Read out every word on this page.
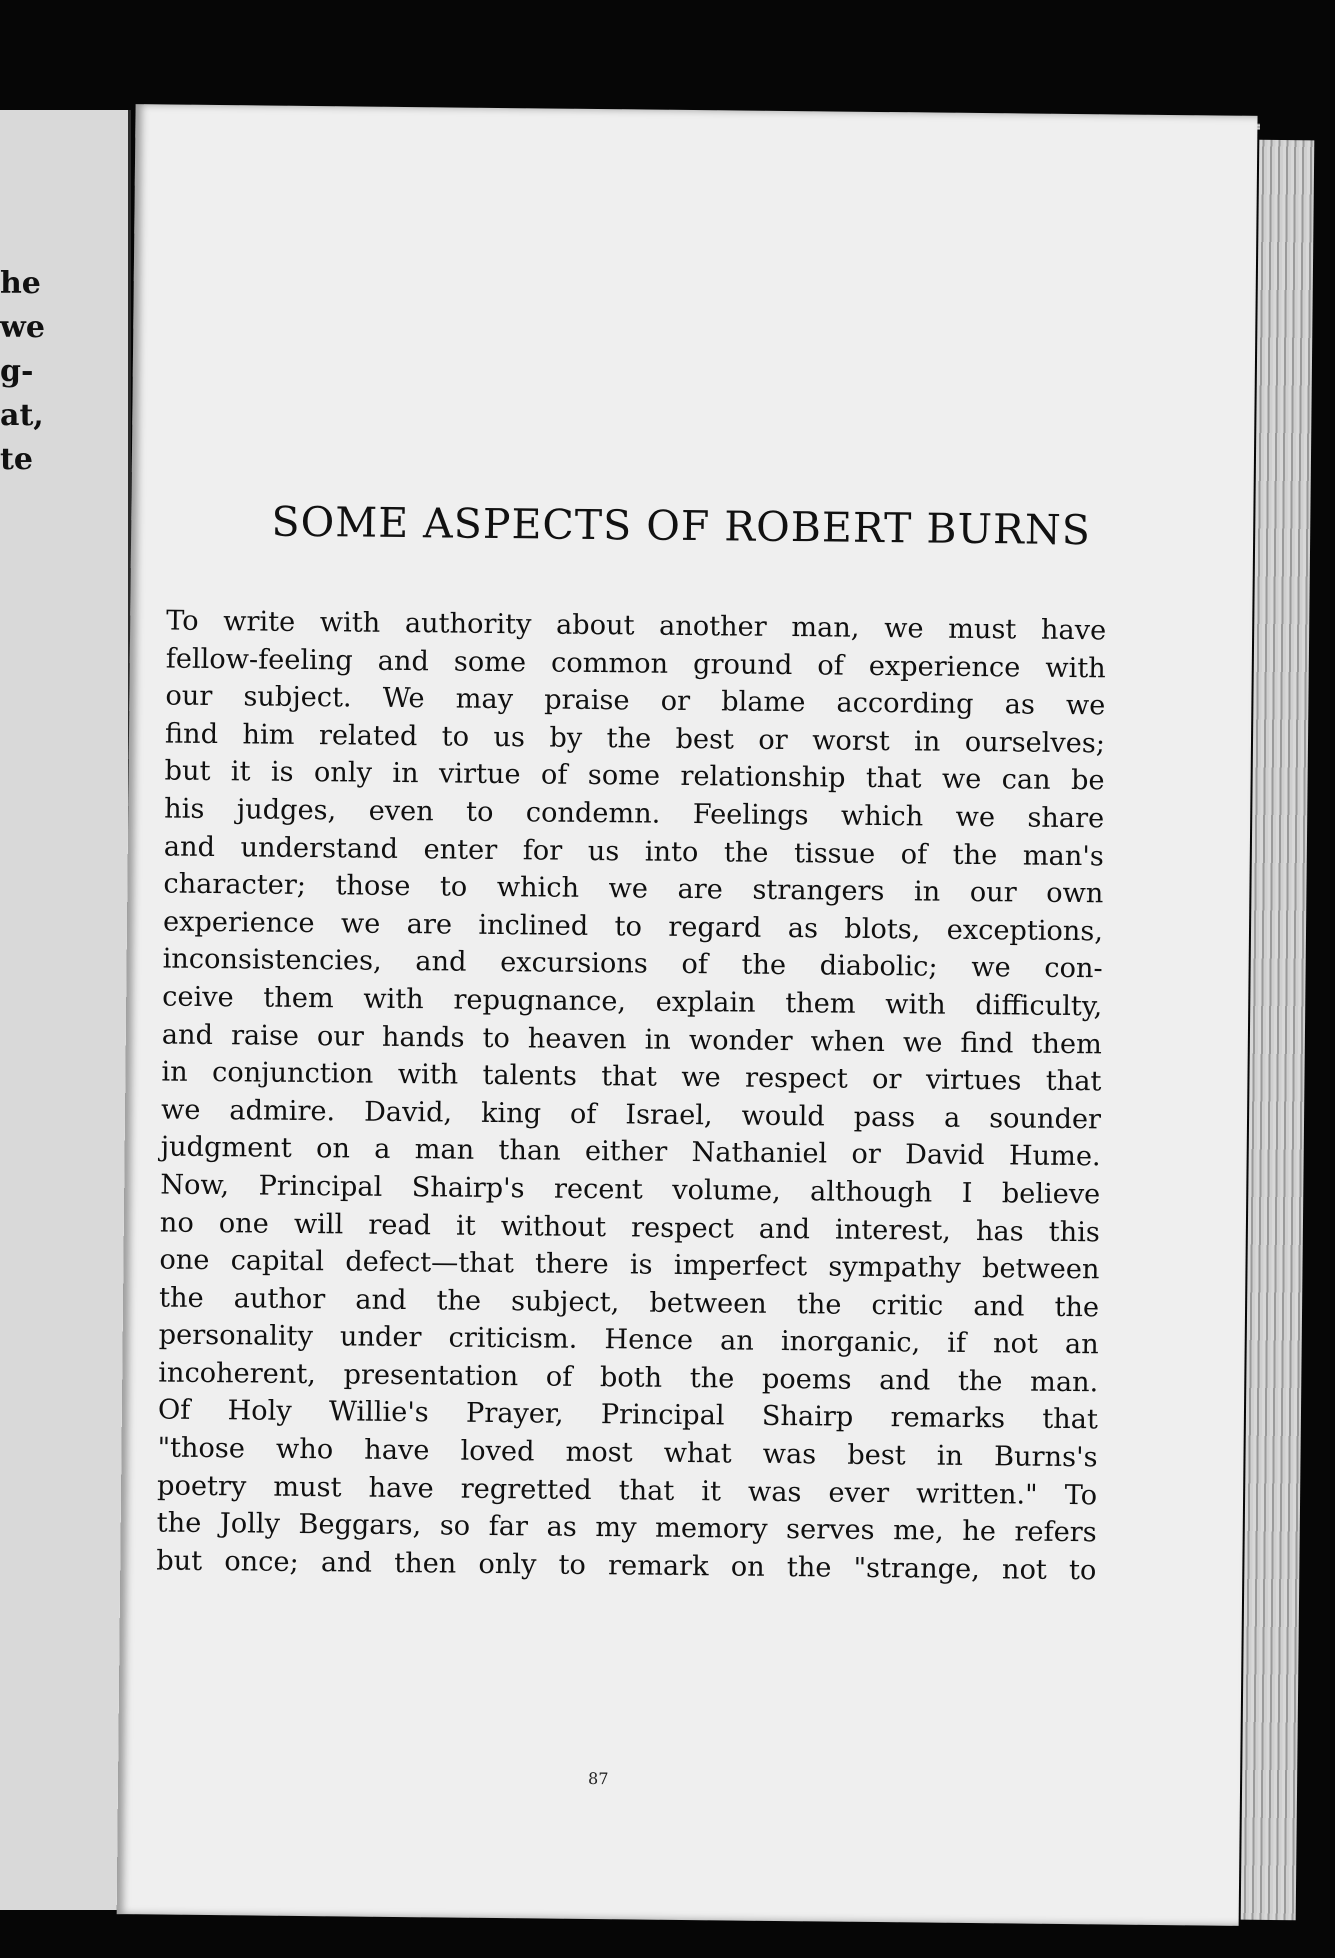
he
we
g-
at,
te
SOME ASPECTS OF ROBERT BURNS
To write with authority about another man, we must have
fellow-feeling and some common ground of experience with
our subject. We may praise or blame according as we
find him related to us by the best or worst in ourselves;
but it is only in virtue of some relationship that we can be
his judges, even to condemn. Feelings which we share
and understand enter for us into the tissue of the man's
character; those to which we are strangers in our own
experience we are inclined to regard as blots, exceptions,
inconsistencies, and excursions of the diabolic; we con-
ceive them with repugnance, explain them with difficulty,
and raise our hands to heaven in wonder when we find them
in conjunction with talents that we respect or virtues that
we admire. David, king of Israel, would pass a sounder
judgment on a man than either Nathaniel or David Hume.
Now, Principal Shairp's recent volume, although I believe
no one will read it without respect and interest, has this
one capital defect—that there is imperfect sympathy between
the author and the subject, between the critic and the
personality under criticism. Hence an inorganic, if not an
incoherent, presentation of both the poems and the man.
Of Holy Willie's Prayer, Principal Shairp remarks that
"those who have loved most what was best in Burns's
poetry must have regretted that it was ever written." To
the Jolly Beggars, so far as my memory serves me, he refers
but once; and then only to remark on the "strange, not to
87
